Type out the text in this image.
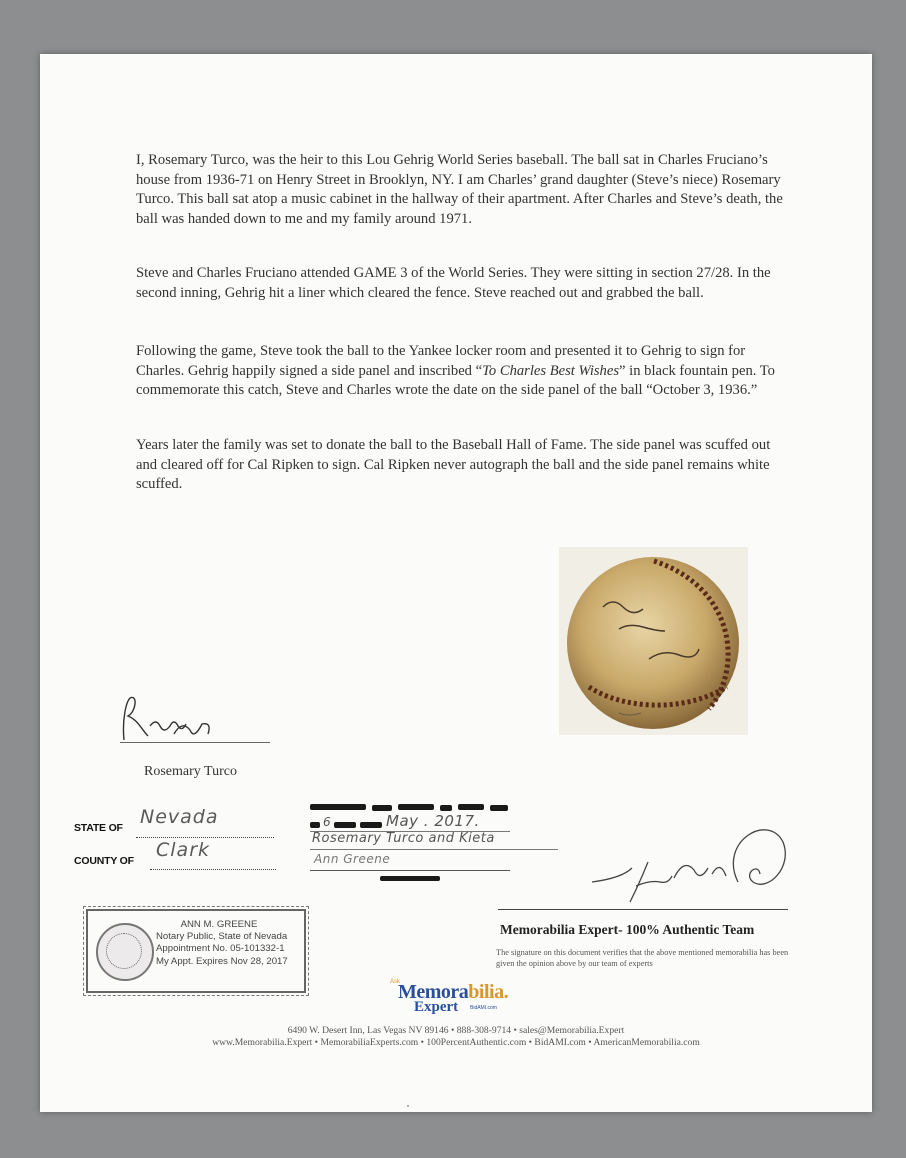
I, Rosemary Turco, was the heir to this Lou Gehrig World Series baseball. The ball sat in Charles Fruciano’s house from 1936-71 on Henry Street in Brooklyn, NY. I am Charles’ grand daughter (Steve’s niece) Rosemary Turco. This ball sat atop a music cabinet in the hallway of their apartment. After Charles and Steve’s death, the ball was handed down to me and my family around 1971.

Steve and Charles Fruciano attended GAME 3 of the World Series. They were sitting in section 27/28. In the second inning, Gehrig hit a liner which cleared the fence. Steve reached out and grabbed the ball.

Following the game, Steve took the ball to the Yankee locker room and presented it to Gehrig to sign for Charles. Gehrig happily signed a side panel and inscribed “To Charles Best Wishes” in black fountain pen. To commemorate this catch, Steve and Charles wrote the date on the side panel of the ball “October 3, 1936.”

Years later the family was set to donate the ball to the Baseball Hall of Fame. The side panel was scuffed out and cleared off for Cal Ripken to sign. Cal Ripken never autograph the ball and the side panel remains white scuffed.

Rosemary Turco
STATE OF Nevada
COUNTY OF Clark
6	May . 2017.
Rosemary Turco and Kieta
Ann Greene
Memorabilia Expert- 100% Authentic Team
The signature on this document verifies that the above mentioned memorabilia has been given the opinion above by our team of experts
ANN M. GREENE
Notary Public, State of Nevada
Appointment No. 05-101332-1
My Appt. Expires Nov 28, 2017
Ask
Memorabilia.
Expert BidAMI.com
6490 W. Desert Inn, Las Vegas NV 89146 • 888-308-9714 • sales@Memorabilia.Expert
www.Memorabilia.Expert • MemorabiliaExperts.com • 100PercentAuthentic.com • BidAMI.com • AmericanMemorabilia.com
